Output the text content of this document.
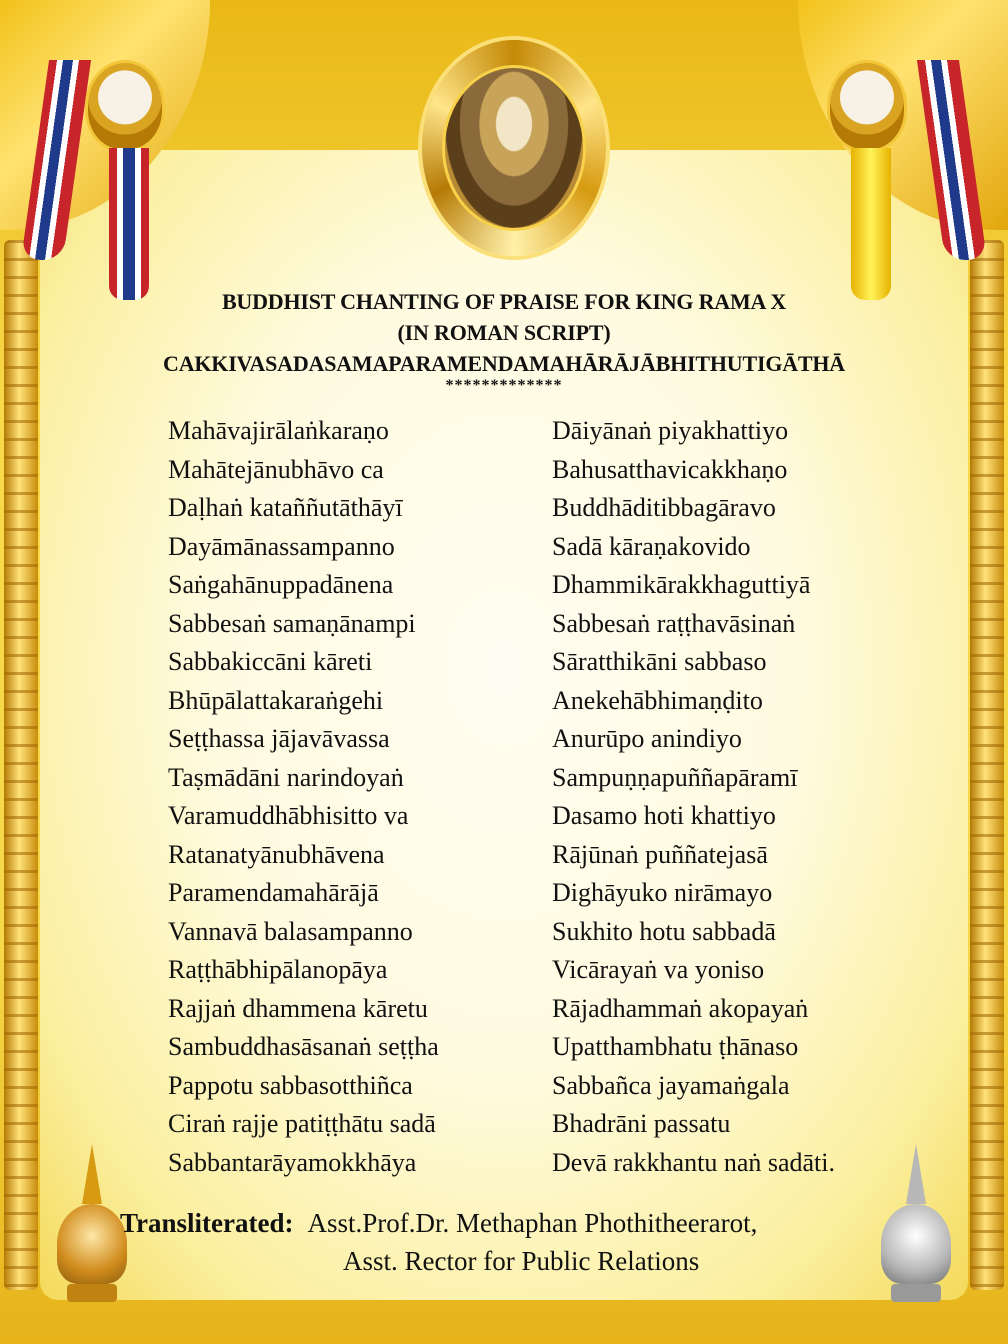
BUDDHIST CHANTING OF PRAISE FOR KING RAMA X
(IN ROMAN SCRIPT)
CAKKIVASADASAMAPARAMENDAMAHĀRĀJĀBHITHUTIGĀTHĀ
*************
Mahāvajirālaṅkaraṇo
Mahātejānubhāvo ca
Daḷhaṅ kataññutāthāyī
Dayāmānassampanno
Saṅgahānuppadānena
Sabbesaṅ samaṇānampi
Sabbakiccāni kāreti
Bhūpālattakaraṅgehi
Seṭṭhassa jājavāvassa
Taṣmādāni narindoyaṅ
Varamuddhābhisitto va
Ratanatyānubhāvena
Paramendamahārājā
Vannavā balasampanno
Raṭṭhābhipālanopāya
Rajjaṅ dhammena kāretu
Sambuddhasāsanaṅ seṭṭha
Pappotu sabbasotthiñca
Ciraṅ rajje patiṭṭhātu sadā
Sabbantarāyamokkhāya
Dāiyānaṅ piyakhattiyo
Bahusatthavicakkhaṇo
Buddhāditibbagāravo
Sadā kāraṇakovido
Dhammikārakkhaguttiyā
Sabbesaṅ raṭṭhavāsinaṅ
Sāratthikāni sabbaso
Anekehābhimaṇḍito
Anurūpo anindiyo
Sampuṇṇapuññapāramī
Dasamo hoti khattiyo
Rājūnaṅ puññatejasā
Dighāyuko nirāmayo
Sukhito hotu sabbadā
Vicārayaṅ va yoniso
Rājadhammaṅ akopayaṅ
Upatthambhatu ṭhānaso
Sabbañca jayamaṅgala
Bhadrāni passatu
Devā rakkhantu naṅ sadāti.
Transliterated: Asst.Prof.Dr. Methaphan Phothitheerarot,
Asst. Rector for Public Relations
